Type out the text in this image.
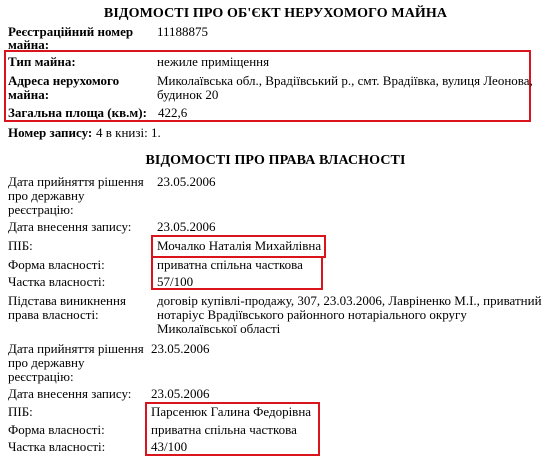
ВІДОМОСТІ ПРО ОБ'ЄКТ НЕРУХОМОГО МАЙНА
Реєстраційний номер
майна:
11188875
Тип майна:	нежиле приміщення
Адреса нерухомого
майна:
Миколаївська обл., Врадіївський р., смт. Врадіївка, вулиця Леонова,
будинок 20
Загальна площа (кв.м): 422,6
Номер запису: 4 в книзі: 1.
ВІДОМОСТІ ПРО ПРАВА ВЛАСНОСТІ
Дата прийняття рішення
про державну
реєстрацію:
23.05.2006
Дата внесення запису: 23.05.2006
ПІБ:	Мочалко Наталія Михайлівна
Форма власності:	приватна спільна часткова
Частка власності:	57/100
Підстава виникнення
права власності:
договір купівлі-продажу, 307, 23.03.2006, Лавріненко М.І., приватний
нотаріус Врадіївського районного нотаріального округу
Миколаївської області
Дата прийняття рішення
про державну
реєстрацію:
23.05.2006
Дата внесення запису: 23.05.2006
ПІБ:	Парсенюк Галина Федорівна
Форма власності:	приватна спільна часткова
Частка власності:	43/100
